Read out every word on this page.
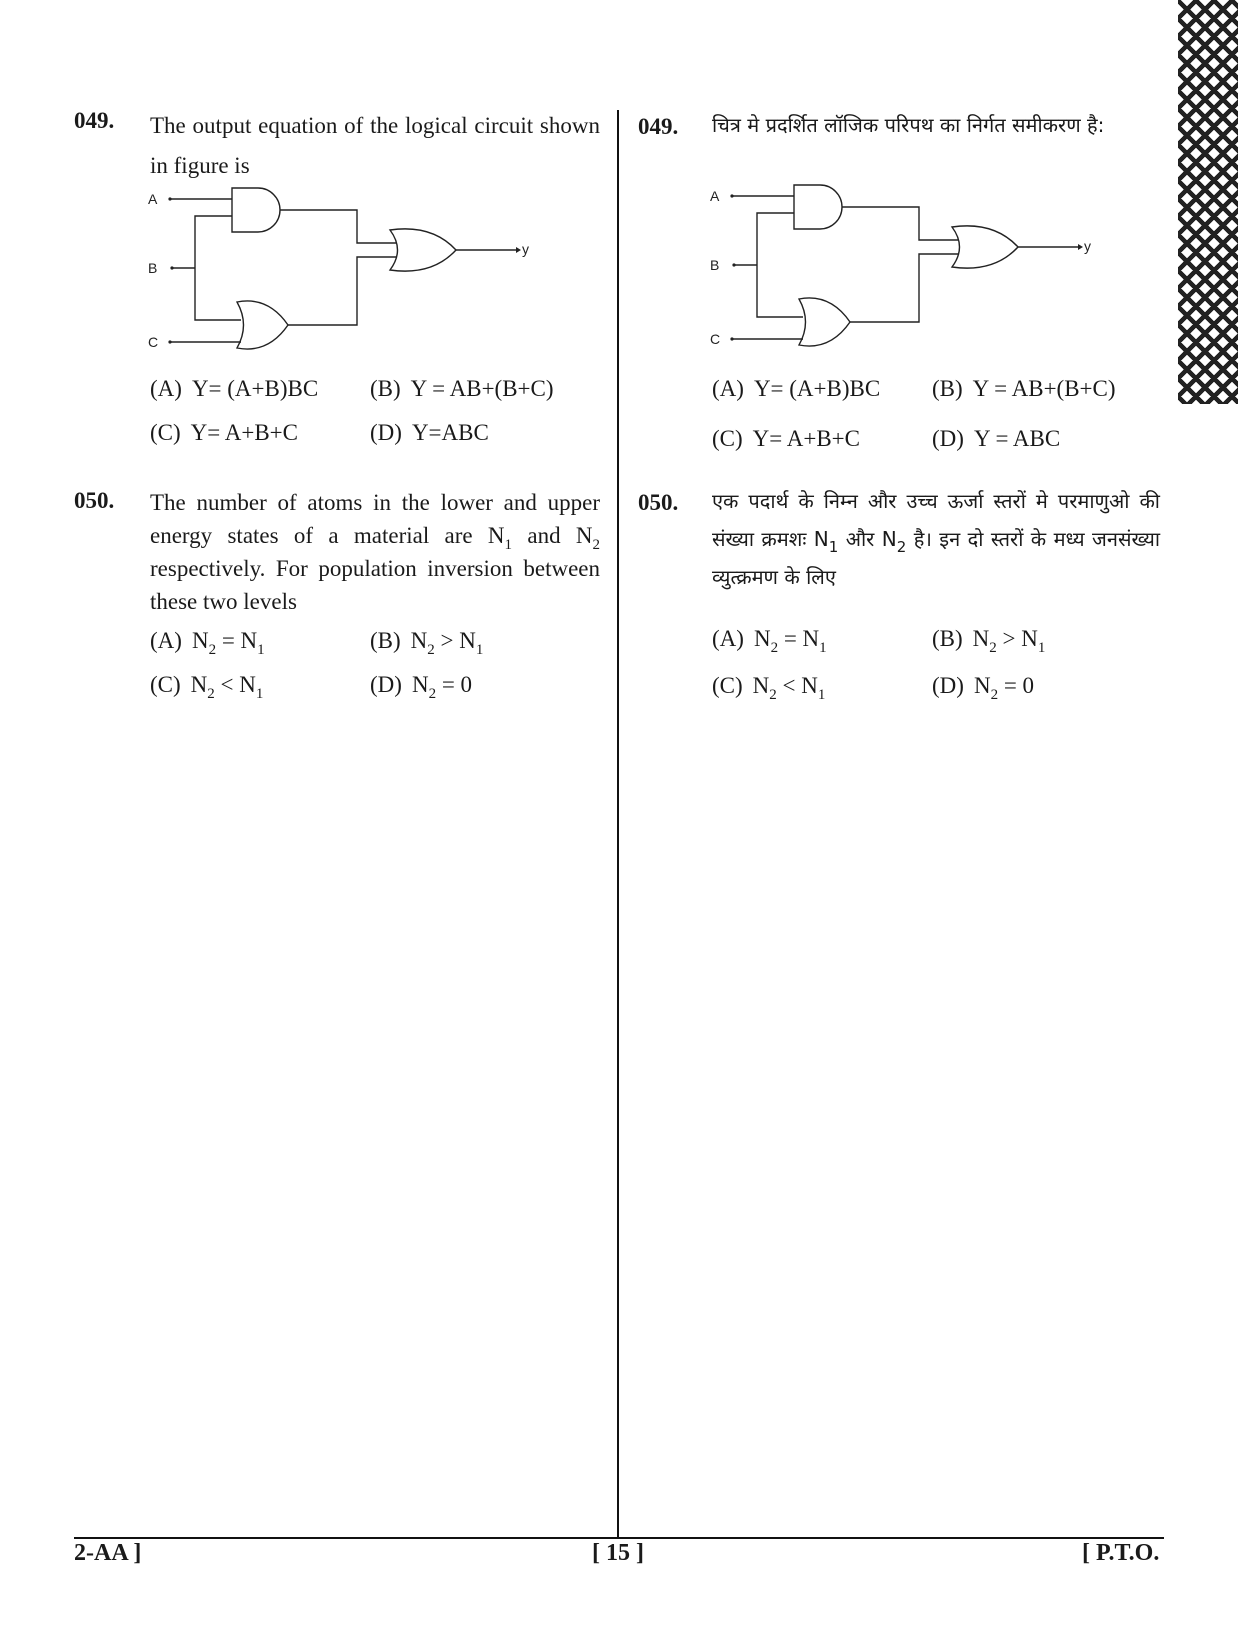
049. The output equation of the logical circuit shown in figure is
A
B
C
y
(A) Y= (A+B)BC (B) Y = AB+(B+C)
(C) Y= A+B+C	(D) Y=ABC
050. The number of atoms in the lower and upper energy states of a material are $N_1$ and $N_2$ respectively. For population inversion between these two levels
(A) $N_2 = N_1$	(B) $N_2 > N_1$
(C) $N_2 < N_1$	(D) $N_2 = 0$
049. चित्र मे प्रदर्शित लॉजिक परिपथ का निर्गत समीकरण है:
A
B
C
y
(A) Y= (A+B)BC (B) Y = AB+(B+C)
(C) Y= A+B+C	(D) Y = ABC
050. एक पदार्थ के निम्न और उच्च ऊर्जा स्तरों मे परमाणुओ की संख्या क्रमशः $N_1$ और $N_2$ है। इन दो स्तरों के मध्य जनसंख्या व्युत्क्रमण के लिए
(A) $N_2 = N_1$	(B) $N_2 > N_1$
(C) $N_2 < N_1$	(D) $N_2 = 0$
2-AA ]	[ 15 ]	[ P.T.O.
